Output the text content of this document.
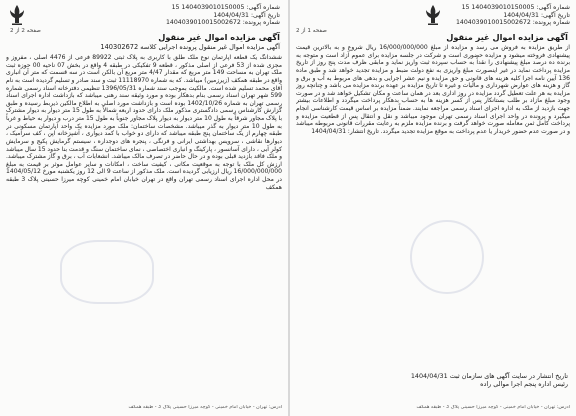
شماره آگهی: 1404039010150005 15
تاریخ آگهی: 1404/04/31
شماره پرونده: 1404039010015002672
صفحه 1 از 2
آگهی مزایده اموال غیر منقول
از طریق مزایده به فروش می رسد و مزایده از مبلغ 16/000/000/000 ریال شروع و به بالاترین قیمت پیشنهادی فروخته میشود و مزایده حضوری است و شرکت در جلسه مزایده برای عموم آزاد است و متوجه به برنده ده درصد مبلغ پیشنهادی را نقداً به حساب سپرده ثبت واریز نماید و مابقی ظرف مدت پنج روز از تاریخ مزایده پرداخت نماید در غیر اینصورت مبلغ واریزی به نفع دولت ضبط و مزایده تجدید خواهد شد و طبق ماده 136 آیین نامه اجرا کلیه هزینه های قانونی و حق مزایده و نیم عشر اجرایی و بدهی های مربوط به آب و برق و گاز و هزینه های عوارض شهرداری و مالیات و غیره تا تاریخ مزایده بر عهده برنده مزایده می باشد و چنانچه روز مزایده به هر علت تعطیل گردد مزایده در روز اداری بعد در همان ساعت و مکان تشکیل خواهد شد و در صورت وجود مبلغ مازاد بر طلب بستانکار پس از کسر هزینه ها به حساب بدهکار پرداخت میگردد و اطلاعات بیشتر جهت بازدید از ملک به اداره اجرای اسناد رسمی مراجعه نمایند. ضمناً مزایده بر اساس قیمت کارشناسی انجام میگیرد و پرونده در واحد اجرای اسناد رسمی تهران موجود میباشد و نقل و انتقال پس از قطعیت مزایده و پرداخت کامل ثمن معامله صورت خواهد گرفت و برنده مزایده ملزم به رعایت مقررات قانونی مربوطه میباشد و در صورت عدم حضور خریدار یا عدم پرداخت به موقع مزایده تجدید میگردد. تاریخ انتشار: 1404/04/31
تاریخ انتشار در سایت آگهی های سازمان ثبت 1404/04/31
رئیس اداره پنجم اجرا موالی راده
آدرس: تهران - خیابان امام خمینی - کوچه میرزا حسینی پلاک 3 - طبقه همکف
شماره آگهی: 1404039010150005 15
تاریخ آگهی: 1404/04/31
شماره پرونده: 1404039010015002672
صفحه 2 از 2
آگهی مزایده اموال غیر منقول
آگهی مزایده اموال غیر منقول پرونده اجرایی کلاسه 140302672
ششدانگ یک قطعه آپارتمان نوع ملک طلق با کاربری به پلاک ثبتی 89922 فرعی از 4476 اصلی ، مفروز و مجزی شده از 53 فرعی از اصلی مذکور ، قطعه 9 تفکیکی در طبقه 4 واقع در بخش 07 ناحیه 00 حوزه ثبت ملک تهران به مساحت 149 متر مربع که مقدار 4/47 متر مربع آن بالکن است در سه قسمت که متر آن انباری واقع در طبقه همکف (زیرزمین) میباشد. که به شماره 11118970 ثبت و سند صادر و تسلیم گردیده است به نام آقای محمد تسلیم شده است. مالکیت بموجب سند شماره 1396/05/31 تنظیمی دفترخانه اسناد رسمی شماره 599 شهر تهران اسناد رسمی بنام بدهکار بوده و مورد وثیقه سند رهنی میباشد که بازداشت اداره اجرای اسناد رسمی تهران به شماره 1402/10/26 بوده است و بازداشت مورد اصلی به اطلاع مالکین ذیربط رسیده و طبق گزارش کارشناس رسمی دادگستری مذکور ملک دارای حدود اربعه شمالاً به طول 15 متر دیوار به دیوار مشترک با پلاک مجاور شرقاً به طول 10 متر دیوار به دیوار پلاک مجاور جنوباً به طول 15 متر درب و دیوار به حیاط و غرباً به طول 10 متر دیوار به گذر میباشد. مشخصات ساختمان: ملک مورد مزایده یک واحد آپارتمان مسکونی در طبقه چهارم از یک ساختمان پنج طبقه میباشد که دارای دو خواب با کمد دیواری ، آشپزخانه اپن ، کف سرامیک ، دیوارها نقاشی ، سرویس بهداشتی ایرانی و فرنگی ، پنجره های دوجداره ، سیستم گرمایش پکیج و سرمایش کولر آبی ، دارای آسانسور ، پارکینگ و انباری اختصاصی ، نمای ساختمان سنگ و قدمت بنا حدود 15 سال میباشد و ملک فاقد بازدید قبلی بوده و در حال حاضر در تصرف مالک میباشد. انشعابات آب ، برق و گاز مشترک میباشد. ارزش کل ملک با توجه به موقعیت مکانی ، کیفیت ساخت ، امکانات و سایر عوامل موثر بر قیمت به مبلغ 16/000/000/000 ریال ارزیابی گردیده است. ملک مذکور از ساعت 9 الی 12 روز یکشنبه مورخ 1404/05/12 در محل اداره اجرای اسناد رسمی تهران واقع در تهران خیابان امام خمینی کوچه میرزا حسینی پلاک 3 طبقه همکف
آدرس: تهران - خیابان امام خمینی - کوچه میرزا حسینی پلاک 3 - طبقه همکف
